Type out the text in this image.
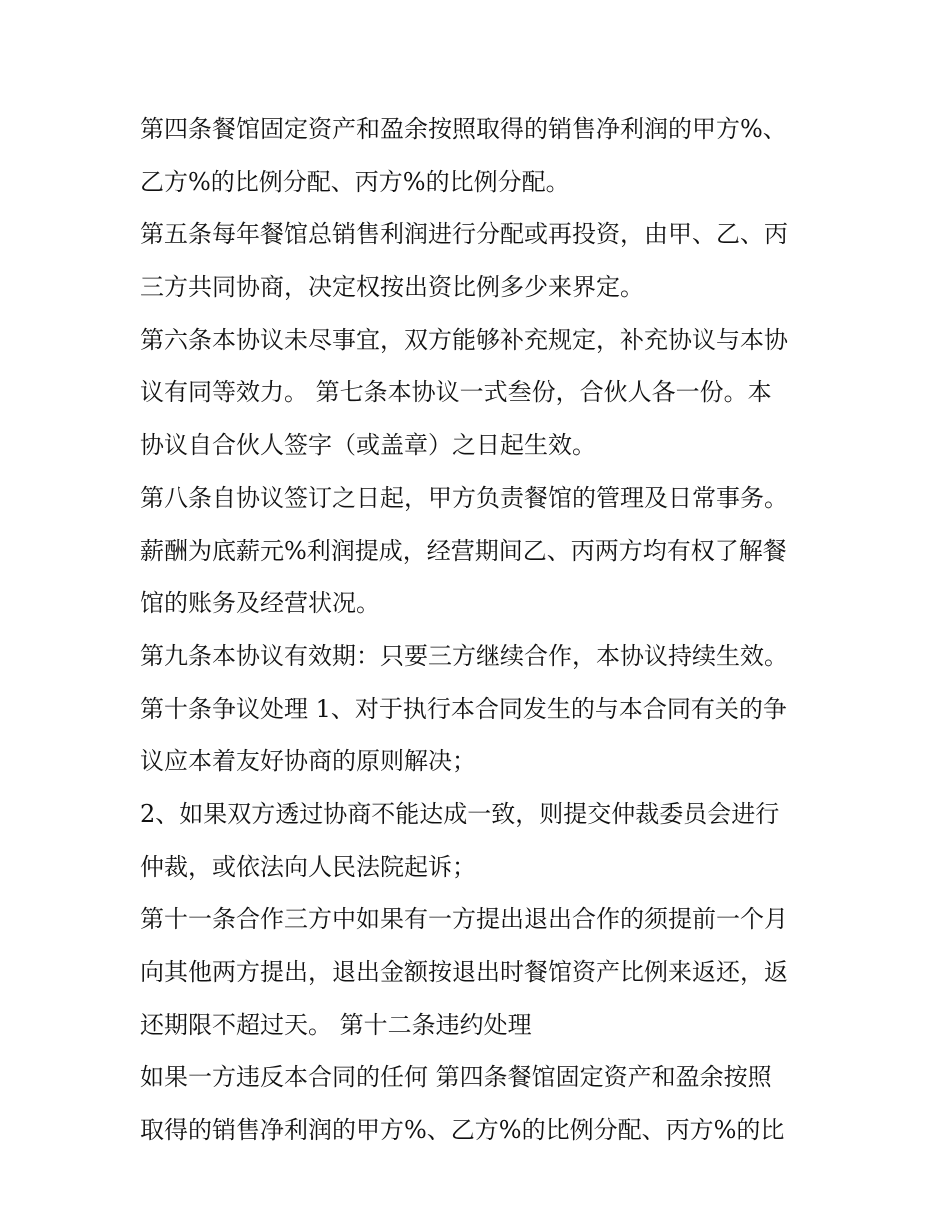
第四条餐馆固定资产和盈余按照取得的销售净利润的甲方%、

乙方%的比例分配、丙方%的比例分配。

第五条每年餐馆总销售利润进行分配或再投资，由甲、乙、丙

三方共同协商，决定权按出资比例多少来界定。

第六条本协议未尽事宜，双方能够补充规定，补充协议与本协

议有同等效力。 第七条本协议一式叁份，合伙人各一份。本

协议自合伙人签字（或盖章）之日起生效。

第八条自协议签订之日起，甲方负责餐馆的管理及日常事务。

薪酬为底薪元%利润提成，经营期间乙、丙两方均有权了解餐

馆的账务及经营状况。

第九条本协议有效期：只要三方继续合作，本协议持续生效。

第十条争议处理 1、对于执行本合同发生的与本合同有关的争

议应本着友好协商的原则解决；

2、如果双方透过协商不能达成一致，则提交仲裁委员会进行

仲裁，或依法向人民法院起诉；

第十一条合作三方中如果有一方提出退出合作的须提前一个月

向其他两方提出，退出金额按退出时餐馆资产比例来返还，返

还期限不超过天。 第十二条违约处理

如果一方违反本合同的任何 第四条餐馆固定资产和盈余按照

取得的销售净利润的甲方%、乙方%的比例分配、丙方%的比
